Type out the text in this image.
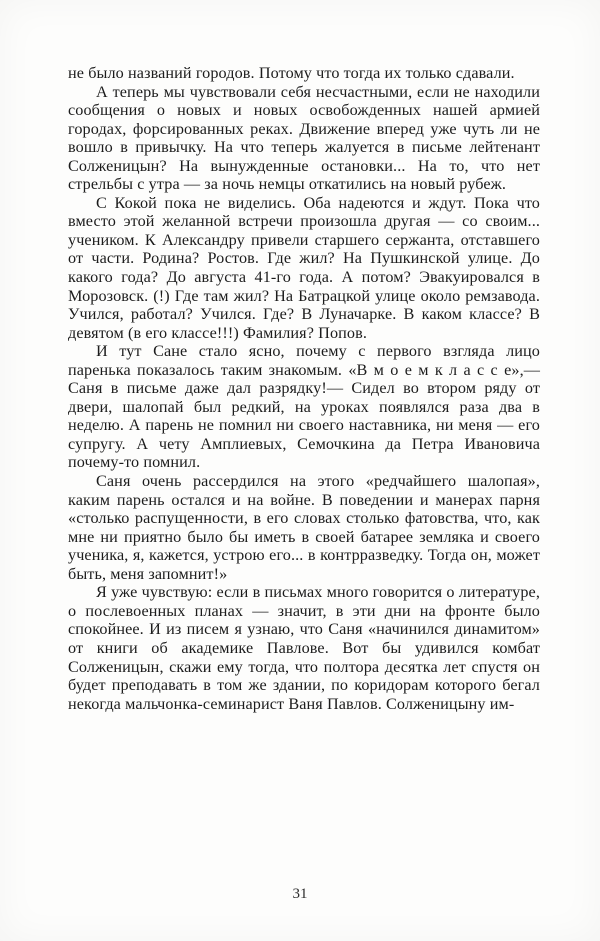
не было названий городов. Потому что тогда их только сдавали.

А теперь мы чувствовали себя несчастными, если не находили сообщения о новых и новых освобожденных нашей армией городах, форсированных реках. Движение вперед уже чуть ли не вошло в привычку. На что теперь жалуется в письме лейтенант Солженицын? На вынужденные остановки... На то, что нет стрельбы с утра — за ночь немцы откатились на новый рубеж.

С Кокой пока не виделись. Оба надеются и ждут. Пока что вместо этой желанной встречи произошла другая — со своим... учеником. К Александру привели старшего сержанта, отставшего от части. Родина? Ростов. Где жил? На Пушкинской улице. До какого года? До августа 41-го года. А потом? Эвакуировался в Морозовск. (!) Где там жил? На Батрацкой улице около ремзавода. Учился, работал? Учился. Где? В Луначарке. В каком классе? В девятом (в его классе!!!) Фамилия? Попов.

И тут Сане стало ясно, почему с первого взгляда лицо паренька показалось таким знакомым. «В м о е м к л а с с е»,— Саня в письме даже дал разрядку!— Сидел во втором ряду от двери, шалопай был редкий, на уроках появлялся раза два в неделю. А парень не помнил ни своего наставника, ни меня — его супругу. А чету Амплиевых, Семочкина да Петра Ивановича почему-то помнил.

Саня очень рассердился на этого «редчайшего шалопая», каким парень остался и на войне. В поведении и манерах парня «столько распущенности, в его словах столько фатовства, что, как мне ни приятно было бы иметь в своей батарее земляка и своего ученика, я, кажется, устрою его... в контрразведку. Тогда он, может быть, меня запомнит!»

Я уже чувствую: если в письмах много говорится о литературе, о послевоенных планах — значит, в эти дни на фронте было спокойнее. И из писем я узнаю, что Саня «начинился динамитом» от книги об академике Павлове. Вот бы удивился комбат Солженицын, скажи ему тогда, что полтора десятка лет спустя он будет преподавать в том же здании, по коридорам которого бегал некогда мальчонка-семинарист Ваня Павлов. Солженицыну им-

31
